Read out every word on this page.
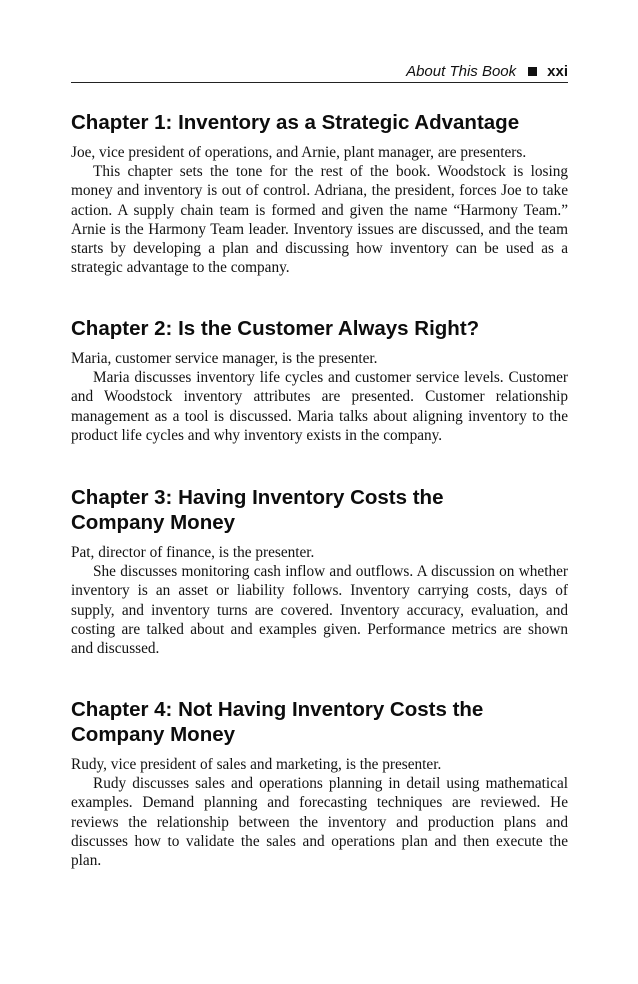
About This Book xxi
Chapter 1: Inventory as a Strategic Advantage

Joe, vice president of operations, and Arnie, plant manager, are presenters.

This chapter sets the tone for the rest of the book. Woodstock is losing money and inventory is out of control. Adriana, the president, forces Joe to take action. A supply chain team is formed and given the name “Harmony Team.” Arnie is the Harmony Team leader. Inventory issues are discussed, and the team starts by developing a plan and discussing how inventory can be used as a strategic advantage to the company.

Chapter 2: Is the Customer Always Right?

Maria, customer service manager, is the presenter.

Maria discusses inventory life cycles and customer service levels. Customer and Woodstock inventory attributes are presented. Customer relationship management as a tool is discussed. Maria talks about aligning inventory to the product life cycles and why inventory exists in the company.

Chapter 3: Having Inventory Costs the
Company Money

Pat, director of finance, is the presenter.

She discusses monitoring cash inflow and outflows. A discussion on whether inventory is an asset or liability follows. Inventory carrying costs, days of supply, and inventory turns are covered. Inventory accuracy, evaluation, and costing are talked about and examples given. Performance metrics are shown and discussed.

Chapter 4: Not Having Inventory Costs the
Company Money

Rudy, vice president of sales and marketing, is the presenter.

Rudy discusses sales and operations planning in detail using mathematical examples. Demand planning and forecasting techniques are reviewed. He reviews the relationship between the inventory and production plans and discusses how to validate the sales and operations plan and then execute the plan.
